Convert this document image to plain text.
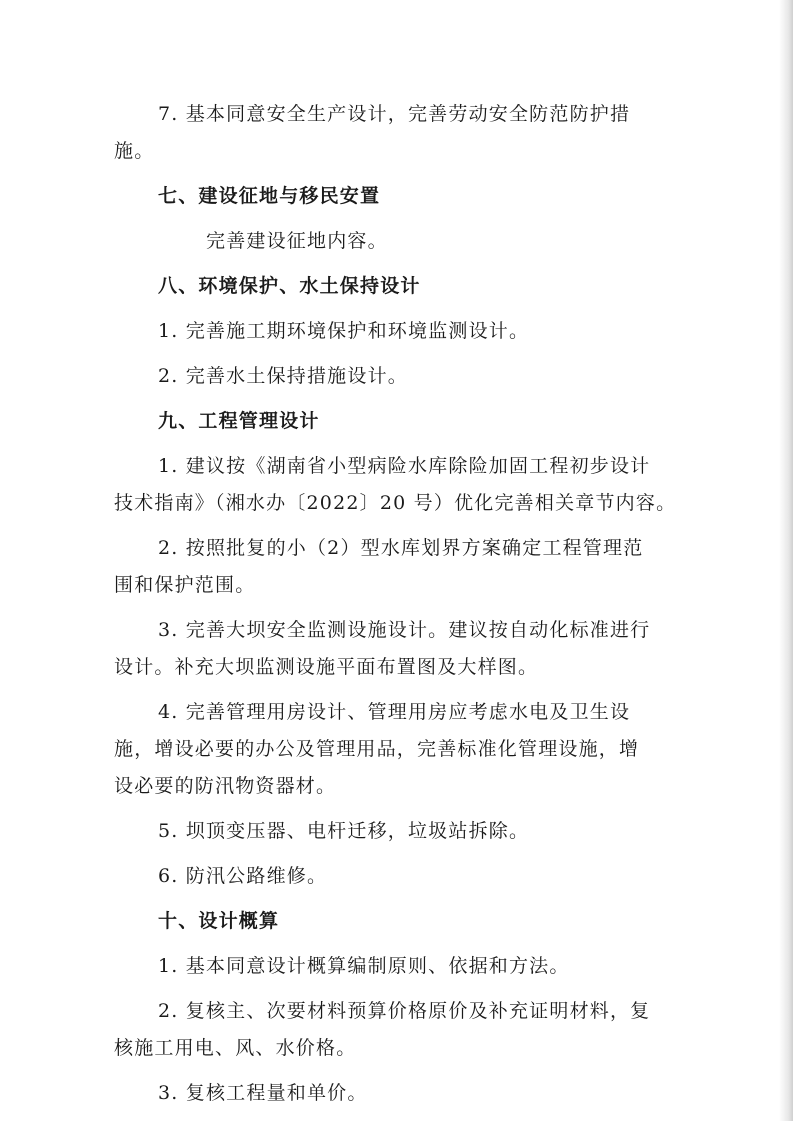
7. 基本同意安全生产设计，完善劳动安全防范防护措
施。
七、建设征地与移民安置
完善建设征地内容。
八、环境保护、水土保持设计
1. 完善施工期环境保护和环境监测设计。
2. 完善水土保持措施设计。
九、工程管理设计
1. 建议按《湖南省小型病险水库除险加固工程初步设计
技术指南》（湘水办〔2022〕20 号）优化完善相关章节内容。
2. 按照批复的小（2）型水库划界方案确定工程管理范
围和保护范围。
3. 完善大坝安全监测设施设计。建议按自动化标准进行
设计。补充大坝监测设施平面布置图及大样图。
4. 完善管理用房设计、管理用房应考虑水电及卫生设
施，增设必要的办公及管理用品，完善标准化管理设施，增
设必要的防汛物资器材。
5. 坝顶变压器、电杆迁移，垃圾站拆除。
6. 防汛公路维修。
十、设计概算
1. 基本同意设计概算编制原则、依据和方法。
2. 复核主、次要材料预算价格原价及补充证明材料，复
核施工用电、风、水价格。
3. 复核工程量和单价。
